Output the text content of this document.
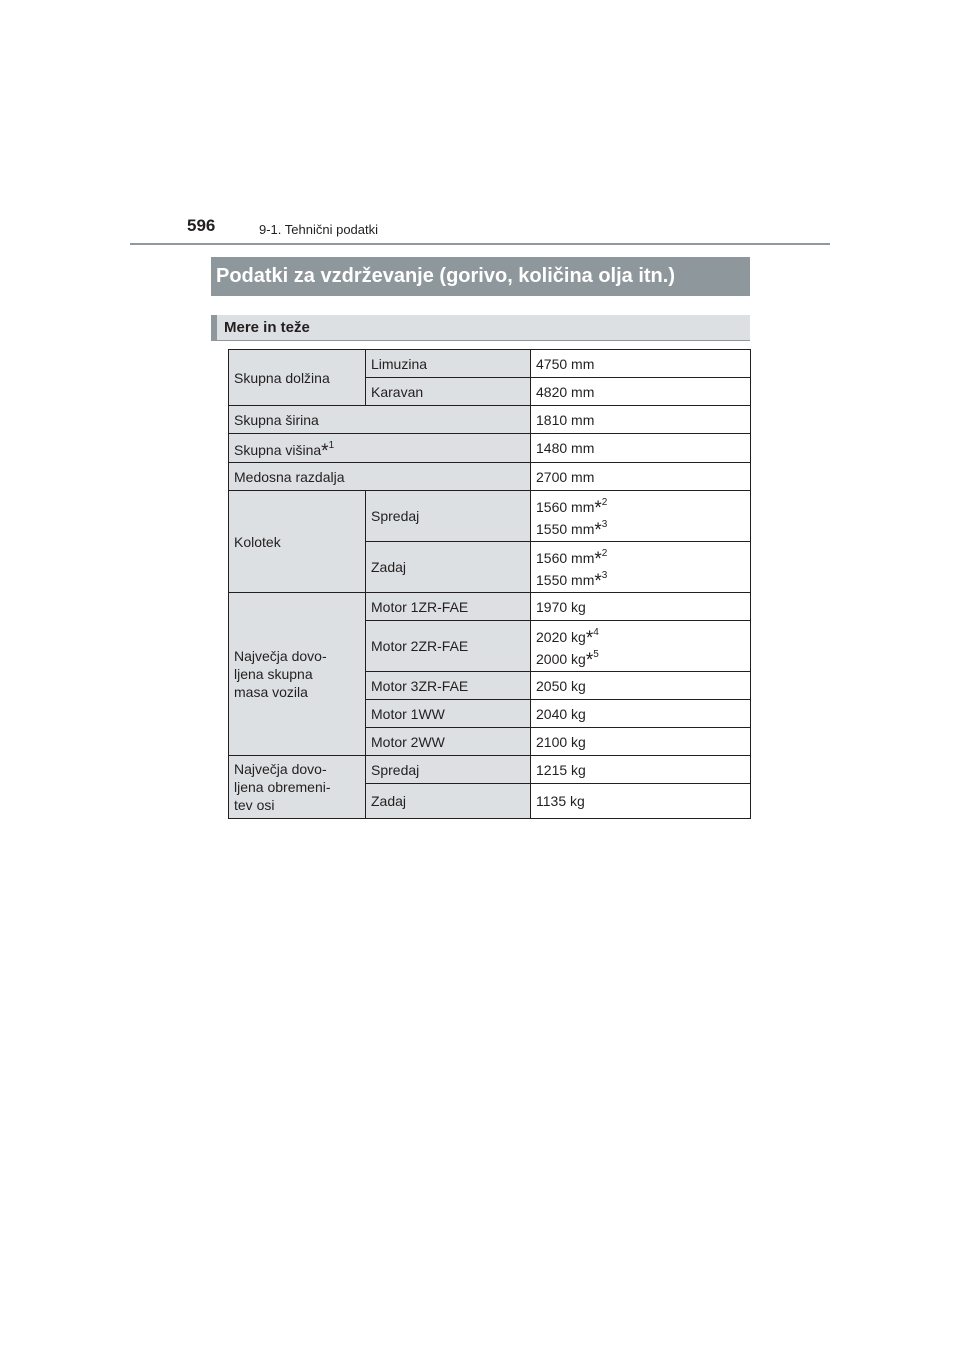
596	9-1. Tehnični podatki
Podatki za vzdrževanje (gorivo, količina olja itn.)
Mere in teže
Skupna dolžina	Limuzina	4750 mm
	Karavan	4820 mm
Skupna širina		1810 mm
Skupna višina*$^1$		1480 mm
Medosna razdalja		2700 mm
Kolotek	Spredaj	1560 mm*$^2$
1550 mm*$^3$

	Zadaj	1560 mm*$^2$
1550 mm*$^3$

Največja dovo-
ljena skupna
masa vozila	Motor 1ZR-FAE	1970 kg
	Motor 2ZR-FAE	2020 kg*$^4$
2000 kg*$^5$

	Motor 3ZR-FAE	2050 kg
	Motor 1WW	2040 kg
	Motor 2WW	2100 kg

Največja dovo-
ljena obremeni-
tev osi	Spredaj	1215 kg
	Zadaj	1135 kg
